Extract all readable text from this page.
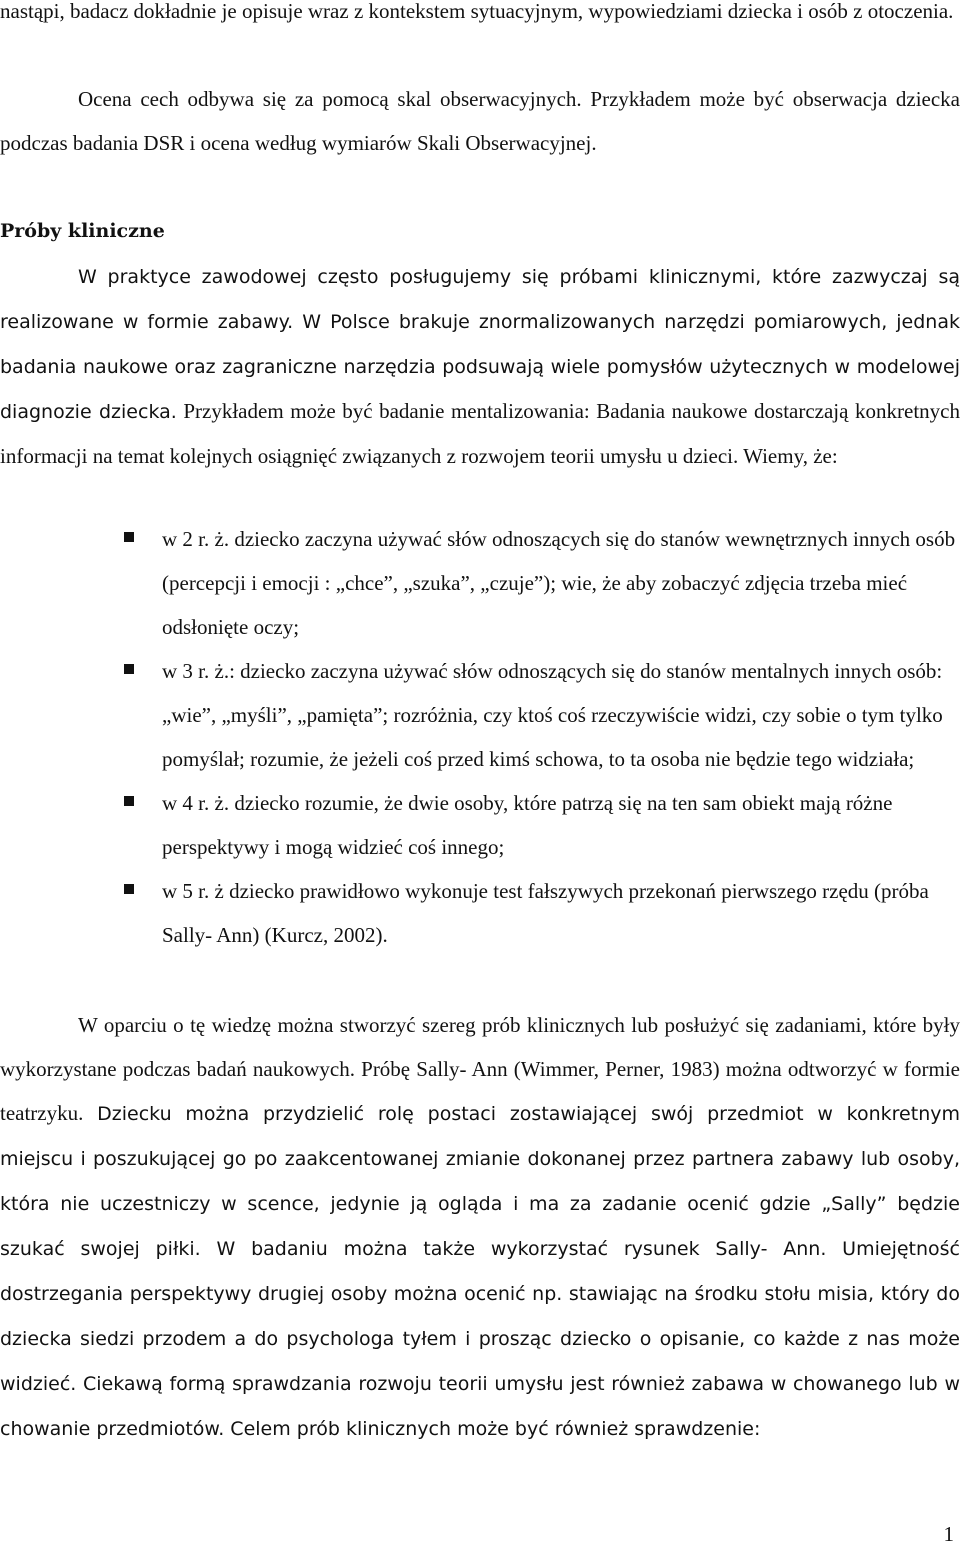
nastąpi, badacz dokładnie je opisuje wraz z kontekstem sytuacyjnym, wypowiedziami dziecka i osób z otoczenia.

Ocena cech odbywa się za pomocą skal obserwacyjnych. Przykładem może być obserwacja dziecka podczas badania DSR i ocena według wymiarów Skali Obserwacyjnej.

Próby kliniczne

W praktyce zawodowej często posługujemy się próbami klinicznymi, które zazwyczaj są realizowane w formie zabawy. W Polsce brakuje znormalizowanych narzędzi pomiarowych, jednak badania naukowe oraz zagraniczne narzędzia podsuwają wiele pomysłów użytecznych w modelowej diagnozie dziecka. Przykładem może być badanie mentalizowania: Badania naukowe dostarczają konkretnych informacji na temat kolejnych osiągnięć związanych z rozwojem teorii umysłu u dzieci. Wiemy, że:

w 2 r. ż. dziecko zaczyna używać słów odnoszących się do stanów wewnętrznych innych osób (percepcji i emocji : „chce”, „szuka”, „czuje”); wie, że aby zobaczyć zdjęcia trzeba mieć odsłonięte oczy;
w 3 r. ż.: dziecko zaczyna używać słów odnoszących się do stanów mentalnych innych osób: „wie”, „myśli”, „pamięta”; rozróżnia, czy ktoś coś rzeczywiście widzi, czy sobie o tym tylko pomyślał; rozumie, że jeżeli coś przed kimś schowa, to ta osoba nie będzie tego widziała;
w 4 r. ż. dziecko rozumie, że dwie osoby, które patrzą się na ten sam obiekt mają różne perspektywy i mogą widzieć coś innego;
w 5 r. ż dziecko prawidłowo wykonuje test fałszywych przekonań pierwszego rzędu (próba Sally- Ann) (Kurcz, 2002).

W oparciu o tę wiedzę można stworzyć szereg prób klinicznych lub posłużyć się zadaniami, które były wykorzystane podczas badań naukowych. Próbę Sally- Ann (Wimmer, Perner, 1983) można odtworzyć w formie teatrzyku. Dziecku można przydzielić rolę postaci zostawiającej swój przedmiot w konkretnym miejscu i poszukującej go po zaakcentowanej zmianie dokonanej przez partnera zabawy lub osoby, która nie uczestniczy w scence, jedynie ją ogląda i ma za zadanie ocenić gdzie „Sally” będzie szukać swojej piłki. W badaniu można także wykorzystać rysunek Sally- Ann. Umiejętność dostrzegania perspektywy drugiej osoby można ocenić np. stawiając na środku stołu misia, który do dziecka siedzi przodem a do psychologa tyłem i prosząc dziecko o opisanie, co każde z nas może widzieć. Ciekawą formą sprawdzania rozwoju teorii umysłu jest również zabawa w chowanego lub w chowanie przedmiotów. Celem prób klinicznych może być również sprawdzenie:

1
